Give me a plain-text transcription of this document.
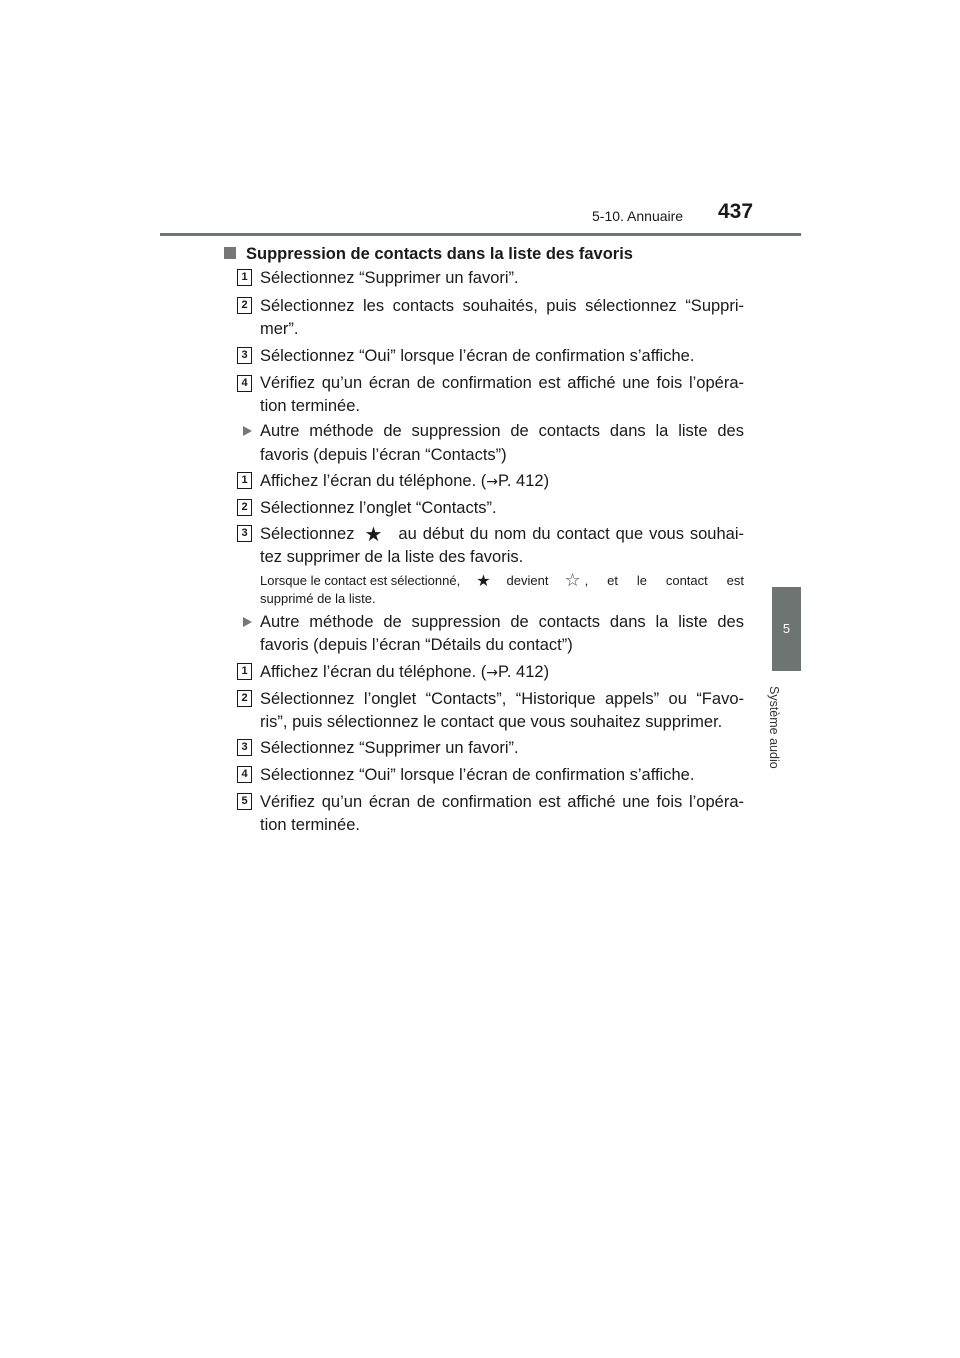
5-10. Annuaire 437
5
Système audio
Suppression de contacts dans la liste des favoris
1 Sélectionnez “Supprimer un favori”.
2 Sélectionnez les contacts souhaités, puis sélectionnez “Suppri-
mer”.
3 Sélectionnez “Oui” lorsque l’écran de confirmation s’affiche.
4 Vérifiez qu’un écran de confirmation est affiché une fois l’opéra-
tion terminée.
Autre méthode de suppression de contacts dans la liste des
favoris (depuis l’écran “Contacts”)
1 Affichez l’écran du téléphone. (→P. 412)
2 Sélectionnez l’onglet “Contacts”.
3 Sélectionnez ★ au début du nom du contact que vous souhai-
tez supprimer de la liste des favoris.
Lorsque le contact est sélectionné, ★ devient ☆ , et le contact est
supprimé de la liste.
Autre méthode de suppression de contacts dans la liste des
favoris (depuis l’écran “Détails du contact”)
1 Affichez l’écran du téléphone. (→P. 412)
2 Sélectionnez l’onglet “Contacts”, “Historique appels” ou “Favo-
ris”, puis sélectionnez le contact que vous souhaitez supprimer.
3 Sélectionnez “Supprimer un favori”.
4 Sélectionnez “Oui” lorsque l’écran de confirmation s’affiche.
5 Vérifiez qu’un écran de confirmation est affiché une fois l’opéra-
tion terminée.
